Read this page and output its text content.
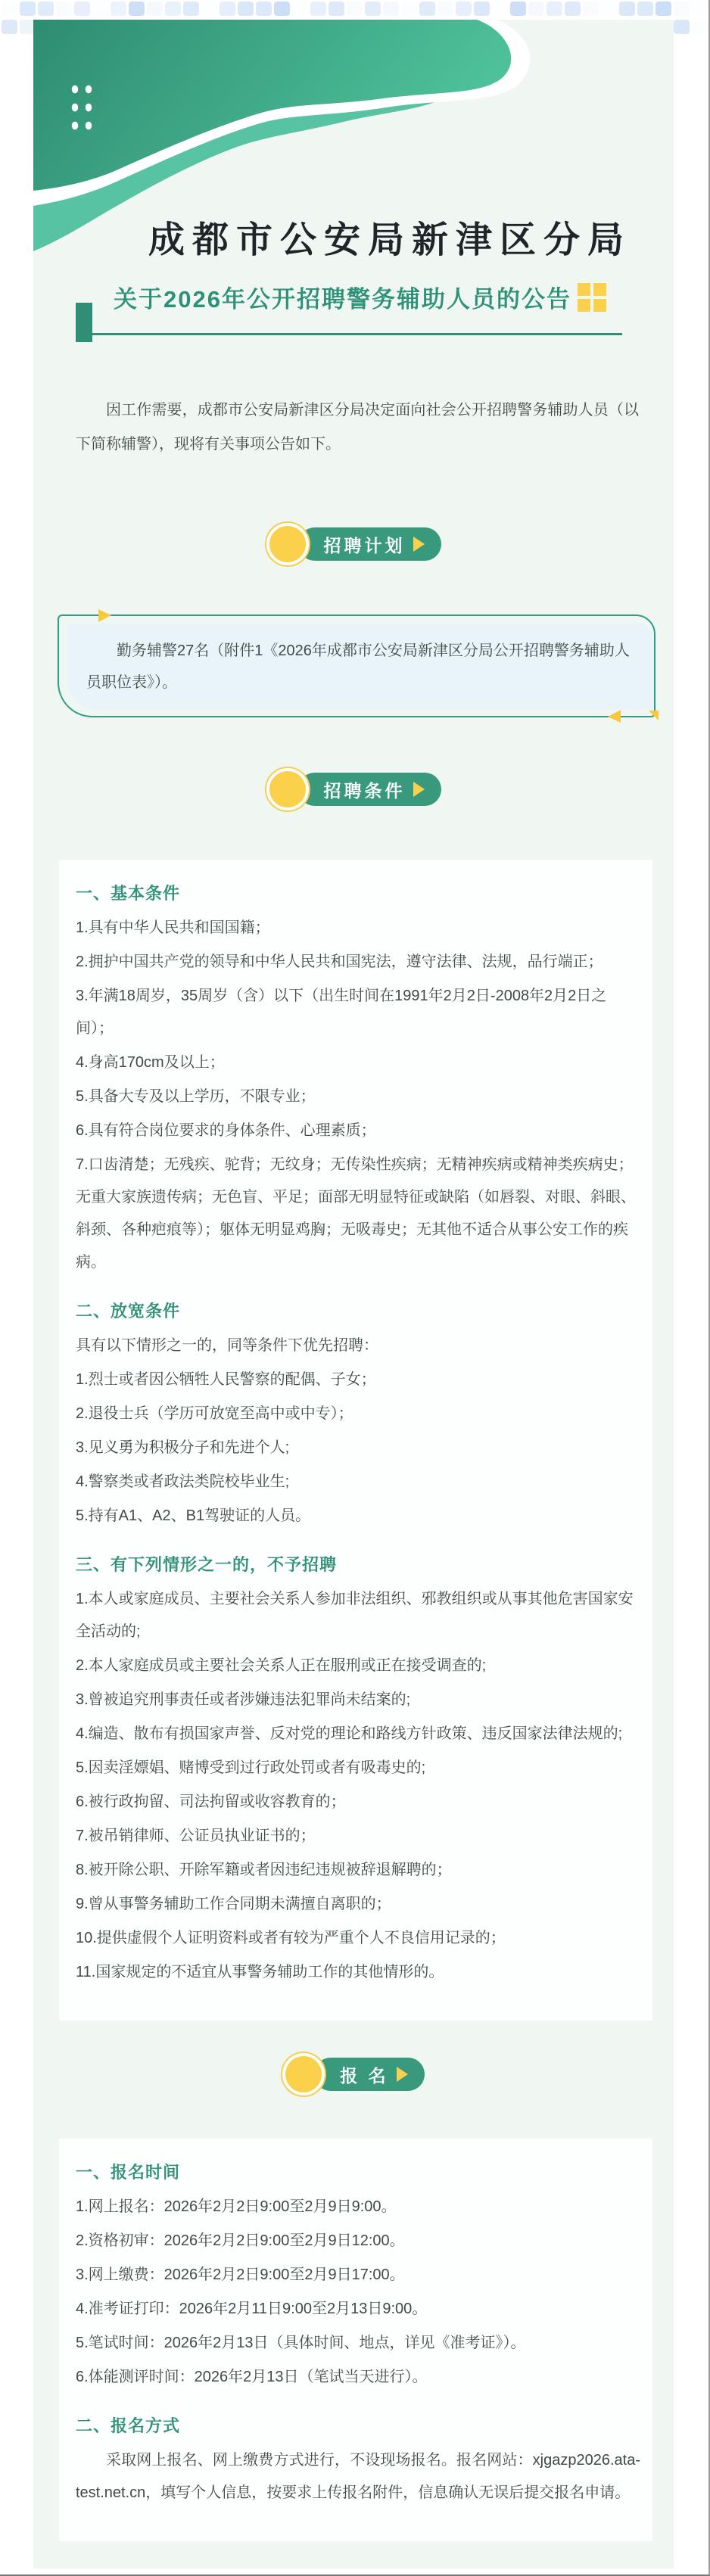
成都市公安局新津区分局
关于2026年公开招聘警务辅助人员的公告

因工作需要，成都市公安局新津区分局决定面向社会公开招聘警务辅助人员（以下简称辅警），现将有关事项公告如下。

招聘计划

勤务辅警27名（附件1《2026年成都市公安局新津区分局公开招聘警务辅助人员职位表》）。

招聘条件
一、基本条件

1.具有中华人民共和国国籍；

2.拥护中国共产党的领导和中华人民共和国宪法，遵守法律、法规，品行端正；

3.年满18周岁，35周岁（含）以下（出生时间在1991年2月2日-2008年2月2日之间）；

4.身高170cm及以上；

5.具备大专及以上学历，不限专业；

6.具有符合岗位要求的身体条件、心理素质；

7.口齿清楚；无残疾、驼背；无纹身；无传染性疾病；无精神疾病或精神类疾病史；无重大家族遗传病；无色盲、平足；面部无明显特征或缺陷（如唇裂、对眼、斜眼、斜颈、各种疤痕等）；躯体无明显鸡胸；无吸毒史；无其他不适合从事公安工作的疾病。

二、放宽条件

具有以下情形之一的，同等条件下优先招聘：

1.烈士或者因公牺牲人民警察的配偶、子女；

2.退役士兵（学历可放宽至高中或中专）；

3.见义勇为积极分子和先进个人;

4.警察类或者政法类院校毕业生;

5.持有A1、A2、B1驾驶证的人员。

三、有下列情形之一的，不予招聘

1.本人或家庭成员、主要社会关系人参加非法组织、邪教组织或从事其他危害国家安全活动的;

2.本人家庭成员或主要社会关系人正在服刑或正在接受调查的;

3.曾被追究刑事责任或者涉嫌违法犯罪尚未结案的;

4.编造、散布有损国家声誉、反对党的理论和路线方针政策、违反国家法律法规的;

5.因卖淫嫖娼、赌博受到过行政处罚或者有吸毒史的;

6.被行政拘留、司法拘留或收容教育的；

7.被吊销律师、公证员执业证书的；

8.被开除公职、开除军籍或者因违纪违规被辞退解聘的；

9.曾从事警务辅助工作合同期未满擅自离职的；

10.提供虚假个人证明资料或者有较为严重个人不良信用记录的；

11.国家规定的不适宜从事警务辅助工作的其他情形的。

报 名
一、报名时间

1.网上报名：2026年2月2日9:00至2月9日9:00。

2.资格初审：2026年2月2日9:00至2月9日12:00。

3.网上缴费：2026年2月2日9:00至2月9日17:00。

4.准考证打印：2026年2月11日9:00至2月13日9:00。

5.笔试时间：2026年2月13日（具体时间、地点，详见《准考证》）。

6.体能测评时间：2026年2月13日（笔试当天进行）。

二、报名方式

采取网上报名、网上缴费方式进行，不设现场报名。报名网站：xjgazp2026.ata-test.net.cn，填写个人信息，按要求上传报名附件，信息确认无误后提交报名申请。
